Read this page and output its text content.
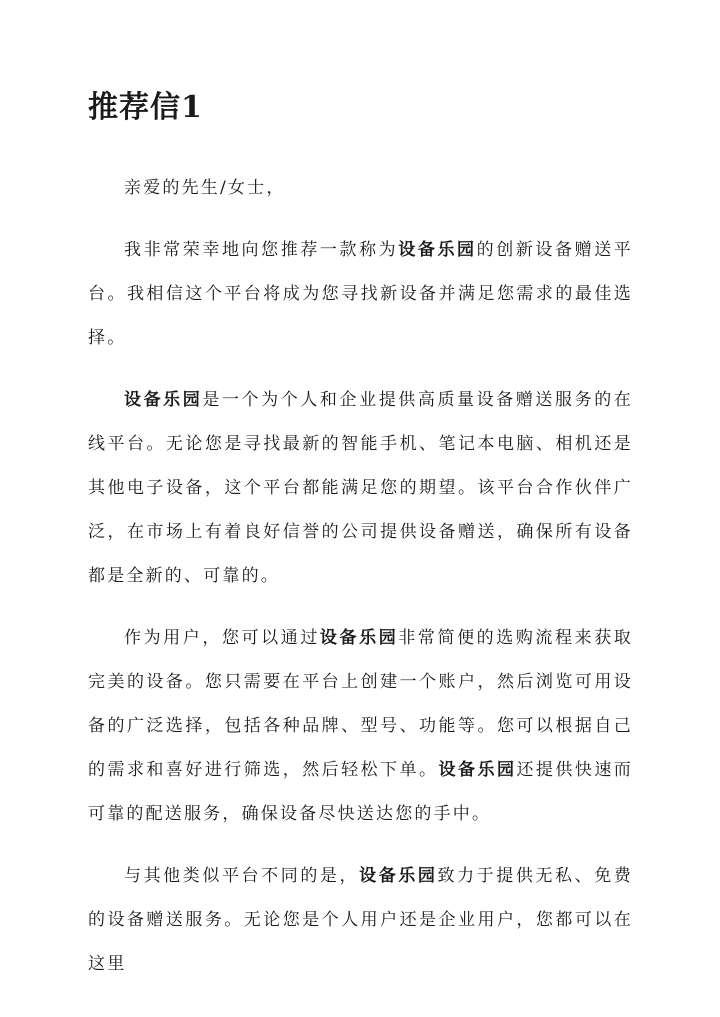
推荐信1

亲爱的先生/女士，

我非常荣幸地向您推荐一款称为设备乐园的创新设备赠送平台。我相信这个平台将成为您寻找新设备并满足您需求的最佳选择。

设备乐园是一个为个人和企业提供高质量设备赠送服务的在线平台。无论您是寻找最新的智能手机、笔记本电脑、相机还是其他电子设备，这个平台都能满足您的期望。该平台合作伙伴广泛，在市场上有着良好信誉的公司提供设备赠送，确保所有设备都是全新的、可靠的。

作为用户，您可以通过设备乐园非常简便的选购流程来获取完美的设备。您只需要在平台上创建一个账户，然后浏览可用设备的广泛选择，包括各种品牌、型号、功能等。您可以根据自己的需求和喜好进行筛选，然后轻松下单。设备乐园还提供快速而可靠的配送服务，确保设备尽快送达您的手中。

与其他类似平台不同的是，设备乐园致力于提供无私、免费的设备赠送服务。无论您是个人用户还是企业用户，您都可以在这里
